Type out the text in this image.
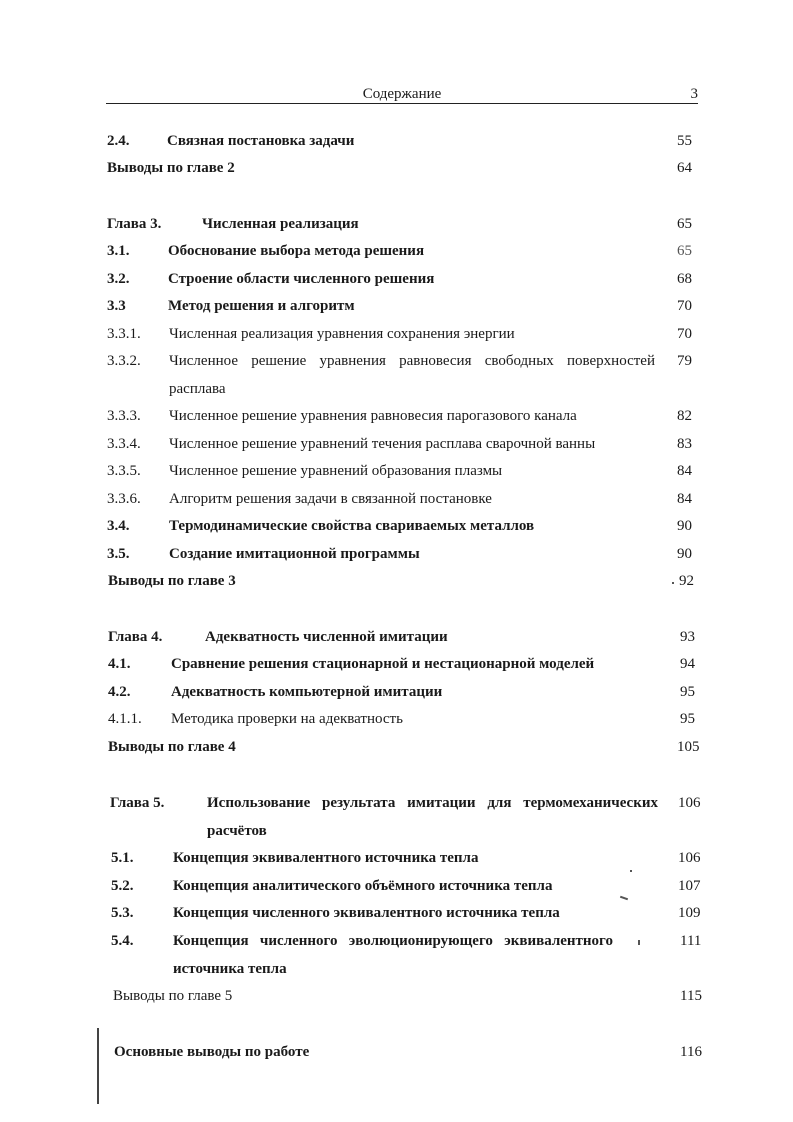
Содержание	3
2.4.	Связная постановка задачи	55
Выводы по главе 2	64
Глава 3.	Численная реализация	65
3.1.	Обоснование выбора метода решения	65
3.2.	Строение области численного решения	68
3.3	Метод решения и алгоритм	70
3.3.1. Численная реализация уравнения сохранения энергии	70
3.3.2. Численное решение уравнения равновесия свободных поверхностей 79
расплава
3.3.3. Численное решение уравнения равновесия парогазового канала	82
3.3.4. Численное решение уравнений течения расплава сварочной ванны	83
3.3.5. Численное решение уравнений образования плазмы	84
3.3.6. Алгоритм решения задачи в связанной постановке	84
3.4.	Термодинамические свойства свариваемых металлов	90
3.5.	Создание имитационной программы	90
Выводы по главе 3	92
Глава 4.	Адекватность численной имитации	93
4.1.	Сравнение решения стационарной и нестационарной моделей	94
4.2.	Адекватность компьютерной имитации	95
4.1.1. Методика проверки на адекватность	95
Выводы по главе 4	105
Глава 5.	Использование результата имитации для термомеханических 106
расчётов
5.1.	Концепция эквивалентного источника тепла	106
5.2.	Концепция аналитического объёмного источника тепла	107
5.3.	Концепция численного эквивалентного источника тепла	109
5.4.	Концепция численного эволюционирующего эквивалентного	111
источника тепла
Выводы по главе 5	115
Основные выводы по работе	116
